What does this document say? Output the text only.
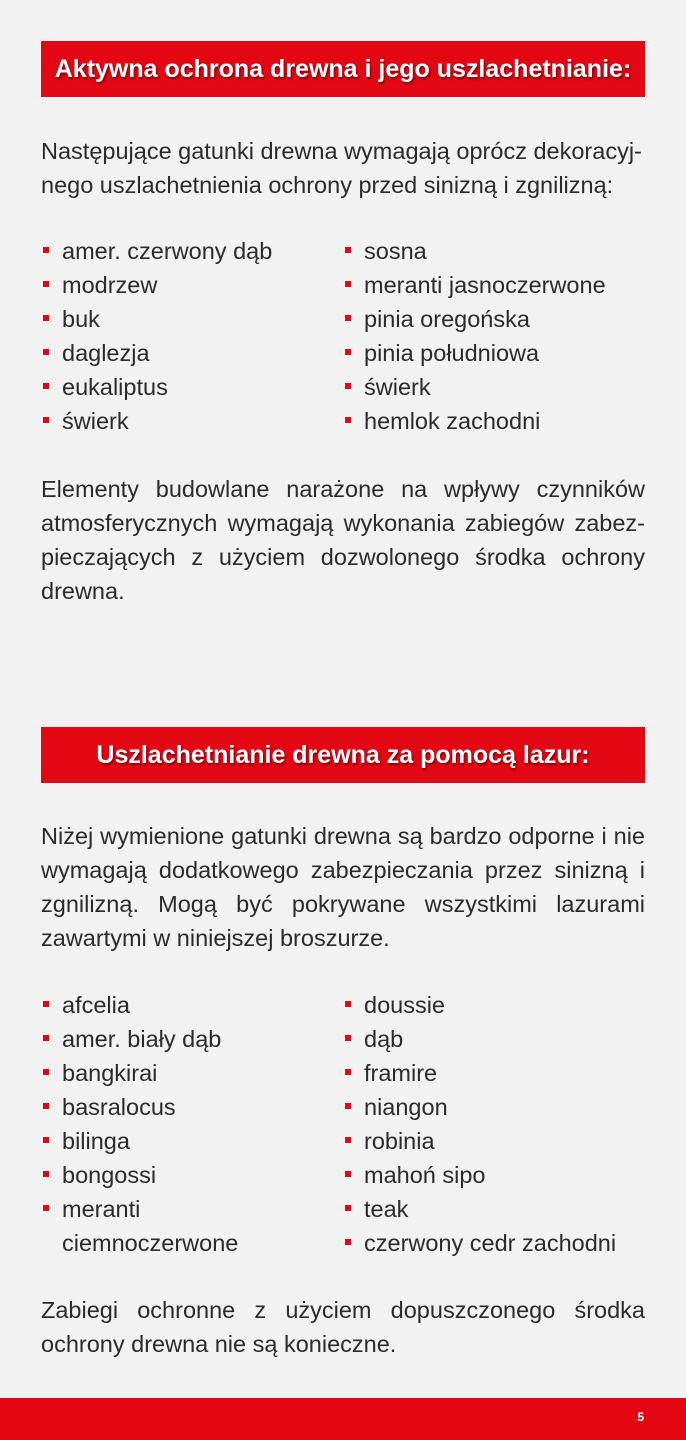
Aktywna ochrona drewna i jego uszlachetnianie:
Następujące gatunki drewna wymagają oprócz dekoracyj-
nego uszlachetnienia ochrony przed sinizną i zgnilizną:
amer. czerwony dąb
modrzew
buk
daglezja
eukaliptus
świerk
sosna
meranti jasnoczerwone
pinia oregońska
pinia południowa
świerk
hemlok zachodni

Elementy budowlane narażone na wpływy czynników atmosferycznych wymagają wykonania zabiegów zabez-pieczających z użyciem dozwolonego środka ochrony drewna.

Uszlachetnianie drewna za pomocą lazur:

Niżej wymienione gatunki drewna są bardzo odporne i nie wymagają dodatkowego zabezpieczania przez sinizną i zgnilizną. Mogą być pokrywane wszystkimi lazurami zawartymi w niniejszej broszurze.

afcelia
amer. biały dąb
bangkirai
basralocus
bilinga
bongossi
meranti ciemnoczerwone
doussie
dąb
framire
niangon
robinia
mahoń sipo
teak
czerwony cedr zachodni

Zabiegi ochronne z użyciem dopuszczonego środka ochrony drewna nie są konieczne.

5
